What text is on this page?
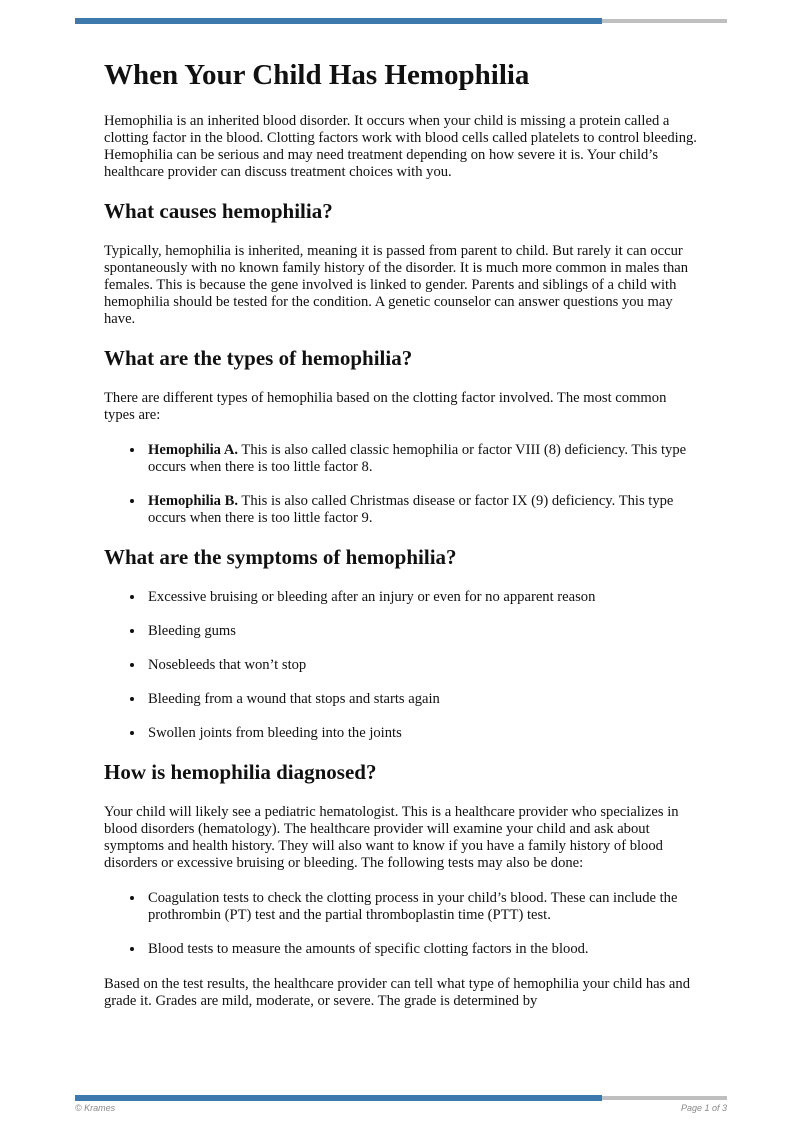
When Your Child Has Hemophilia

Hemophilia is an inherited blood disorder. It occurs when your child is missing a protein called a clotting factor in the blood. Clotting factors work with blood cells called platelets to control bleeding. Hemophilia can be serious and may need treatment depending on how severe it is. Your child’s healthcare provider can discuss treatment choices with you.

What causes hemophilia?

Typically, hemophilia is inherited, meaning it is passed from parent to child. But rarely it can occur spontaneously with no known family history of the disorder. It is much more common in males than females. This is because the gene involved is linked to gender. Parents and siblings of a child with hemophilia should be tested for the condition. A genetic counselor can answer questions you may have.

What are the types of hemophilia?

There are different types of hemophilia based on the clotting factor involved. The most common types are:

• Hemophilia A. This is also called classic hemophilia or factor VIII (8) deficiency. This type occurs when there is too little factor 8.
• Hemophilia B. This is also called Christmas disease or factor IX (9) deficiency. This type occurs when there is too little factor 9.
What are the symptoms of hemophilia?
• Excessive bruising or bleeding after an injury or even for no apparent reason
• Bleeding gums
• Nosebleeds that won’t stop
• Bleeding from a wound that stops and starts again
• Swollen joints from bleeding into the joints
How is hemophilia diagnosed?

Your child will likely see a pediatric hematologist. This is a healthcare provider who specializes in blood disorders (hematology). The healthcare provider will examine your child and ask about symptoms and health history. They will also want to know if you have a family history of blood disorders or excessive bruising or bleeding. The following tests may also be done:

• Coagulation tests to check the clotting process in your child’s blood. These can include the prothrombin (PT) test and the partial thromboplastin time (PTT) test.
• Blood tests to measure the amounts of specific clotting factors in the blood.

Based on the test results, the healthcare provider can tell what type of hemophilia your child has and grade it. Grades are mild, moderate, or severe. The grade is determined by

© Krames	Page 1 of 3
